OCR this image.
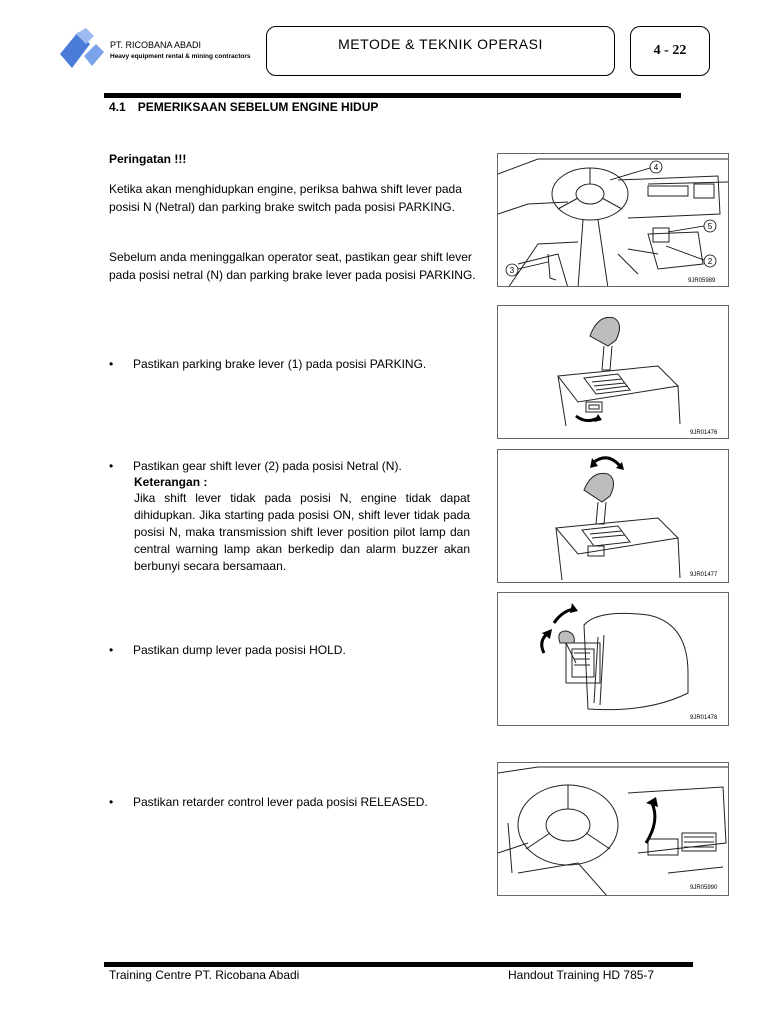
PT. RICOBANA ABADI
Heavy equipment rental & mining contractors
METODE & TEKNIK OPERASI	4 - 22
4.1 PEMERIKSAAN SEBELUM ENGINE HIDUP
Peringatan !!!
Ketika akan menghidupkan engine, periksa bahwa shift lever pada posisi N (Netral) dan parking brake switch pada posisi PARKING.
Sebelum anda meninggalkan operator seat, pastikan gear shift lever pada posisi netral (N) dan parking brake lever pada posisi PARKING.
• Pastikan parking brake lever (1) pada posisi PARKING.
• Pastikan gear shift lever (2) pada posisi Netral (N).
Keterangan :
Jika shift lever tidak pada posisi N, engine tidak dapat dihidupkan. Jika starting pada posisi ON, shift lever tidak pada posisi N, maka transmission shift lever position pilot lamp dan central warning lamp akan berkedip dan alarm buzzer akan berbunyi secara bersamaan.
• Pastikan dump lever pada posisi HOLD.
• Pastikan retarder control lever pada posisi RELEASED.
4
5
2
3
9JR05989
9JR01476
9JR01477
9JR01478
9JR05990
Training Centre PT. Ricobana Abadi	Handout Training HD 785-7
